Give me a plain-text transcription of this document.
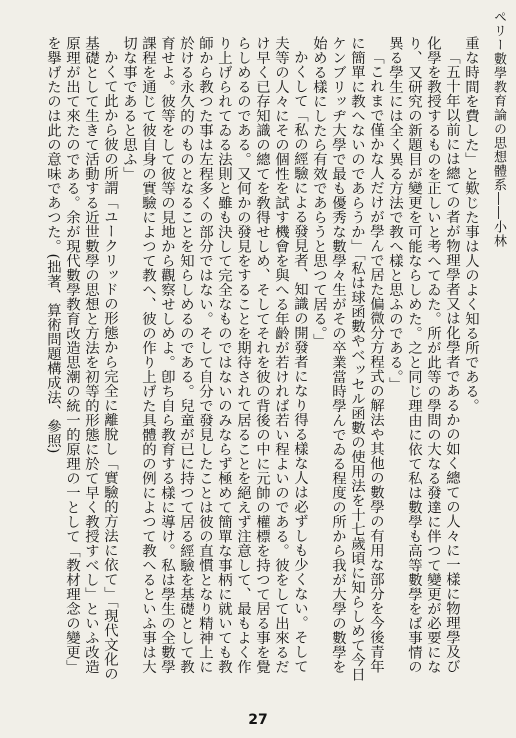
ペリー數學教育論の思想體系――小林

重な時間を費した」と歎じた事は人のよく知る所である。

「五十年以前には總ての者が物理學者又は化學者であるかの如く總ての人々に一樣に物理學及び化學を教授するものを正しいと考へてゐた。所が此等の學問の大なる發達に伴つて變更が必要になり、又研究の新題目が變更を可能ならしめた。之と同じ理由に依て私は數學も高等數學をば事情の異る學生には全く異る方法で教へ樣と思ふのである。」

「これまで僅かな人だけが學んで居た偏微分方程式の解法や其他の數學の有用な部分を今後青年に簡單に教へないのであらうか」「私は球函數やベッセル函數の使用法を十七歲頃に知らしめて今日ケンブリッヂ大學で最も優秀な數學々生がその卒業當時學んでゐる程度の所から我が大學の數學を始める樣にしたら有效であらうと思つて居る。」

かくして「私の經驗による發見者、知識の開發者になり得る樣な人は必ずしも少くない。そして夫等の人々にその個性を試す機會を與へる年齡が若ければ若い程よいのである。彼をして出來るだけ早く已存知識の總てを敎得せしめ、そしてそれを彼の背後の中に元帥の權標を持つて居る事を覺らしめるのである。又何かの發見をすることを期待されて居ることを絕えず注意して、最もよく作り上げられてゐる法則と雖も決して完全なものではないのみならず極めて簡單な事柄に就いても教師から教つた事は左程多くの部分ではない。そして自分で發見したことは彼の直慣となり精神上に於ける永久的のものとなることを知らしめるのである。兒童が已に持つて居る經驗を基礎として教育せよ。彼等をして彼等の見地から觀察せしめよ。卽ち自ら教育する樣に導け。私は學生の全數學課程を通じて彼自身の實驗によつて教へ、彼の作り上げた具體的の例によつて教へるといふ事は大切な事であると思ふ」

かくて此から彼の所謂「ユークリッドの形態から完全に離脫し「實驗的方法に依て」「現代文化の基礎として生きて活動する近世數學の思想と方法を初等的形態に於て早く教授すべし」といふ改造原理が出て來たのである。余が現代數學教育改造思潮の統一的原理の一として「教材理念の變更」を擧げたのは此の意味であつた。(拙著、算術問題構成法、參照)

27
